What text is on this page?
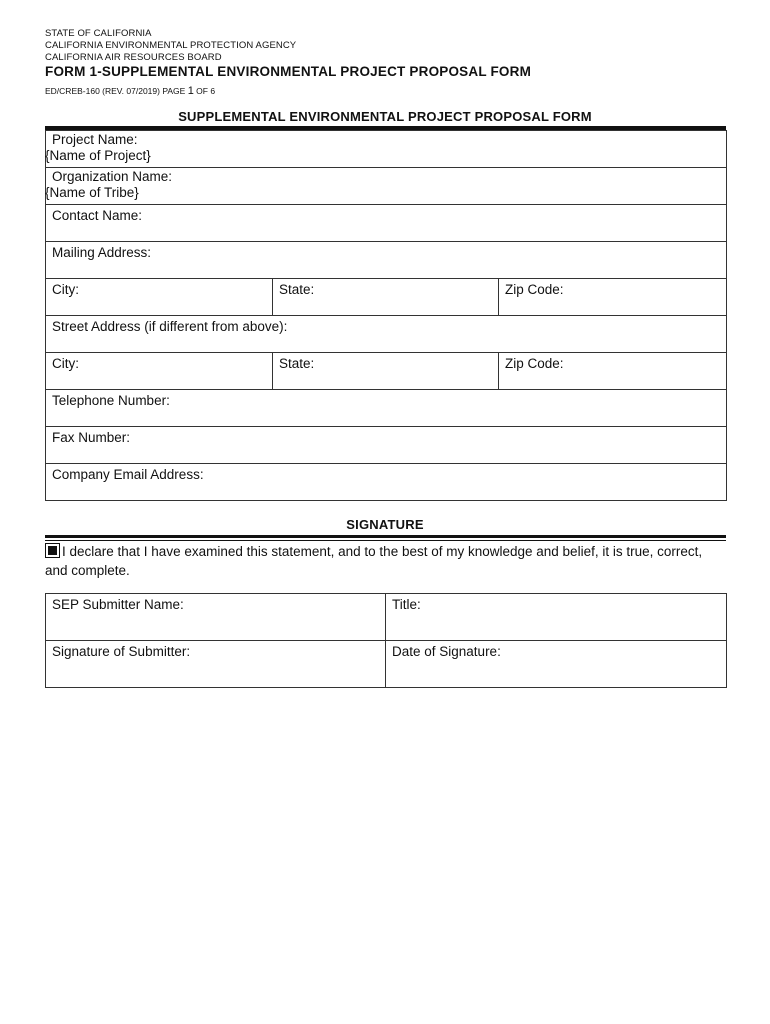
STATE OF CALIFORNIA
CALIFORNIA ENVIRONMENTAL PROTECTION AGENCY
CALIFORNIA AIR RESOURCES BOARD
FORM 1-SUPPLEMENTAL ENVIRONMENTAL PROJECT PROPOSAL FORM
ED/CREB-160 (REV. 07/2019) PAGE 1 OF 6
SUPPLEMENTAL ENVIRONMENTAL PROJECT PROPOSAL FORM
Project Name:
{Name of Project}		

Organization Name:
{Name of Tribe}		

Contact Name:		
Mailing Address:		
City:	State:	Zip Code:
Street Address (if different from above):		
City:	State:	Zip Code:
Telephone Number:		
Fax Number:		
Company Email Address:		
SIGNATURE
I declare that I have examined this statement, and to the best of my knowledge and belief, it is true, correct, and complete.
SEP Submitter Name:	Title:
Signature of Submitter:	Date of Signature:
